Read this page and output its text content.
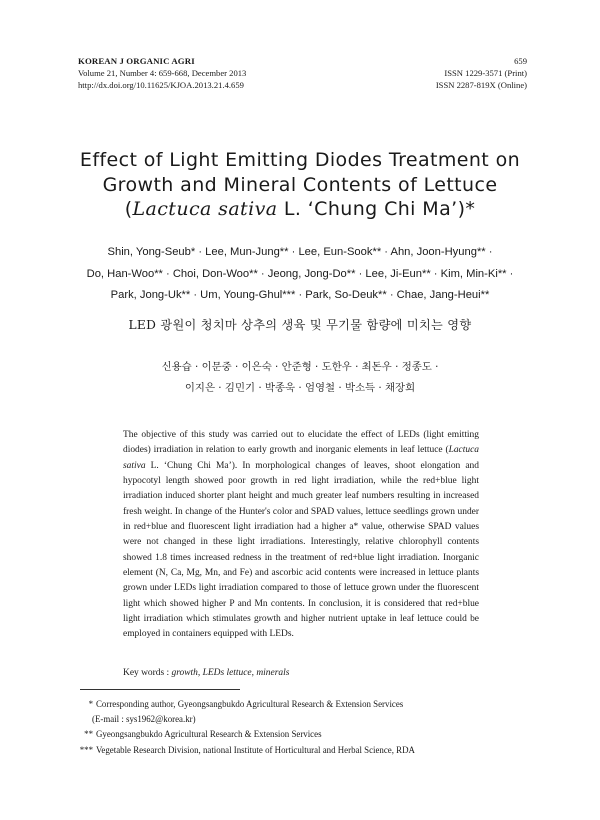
KOREAN J ORGANIC AGRI
Volume 21, Number 4: 659-668, December 2013
http://dx.doi.org/10.11625/KJOA.2013.21.4.659
659
ISSN 1229-3571 (Print)
ISSN 2287-819X (Online)
Effect of Light Emitting Diodes Treatment on
Growth and Mineral Contents of Lettuce
(Lactuca sativa L. ‘Chung Chi Ma’)*
Shin, Yong-Seub* · Lee, Mun-Jung** · Lee, Eun-Sook** · Ahn, Joon-Hyung** ·
Do, Han-Woo** · Choi, Don-Woo** · Jeong, Jong-Do** · Lee, Ji-Eun** · Kim, Min-Ki** ·
Park, Jong-Uk** · Um, Young-Ghul*** · Park, So-Deuk** · Chae, Jang-Heui**
LED 광원이 청치마 상추의 생육 및 무기물 함량에 미치는 영향
신용습 · 이문중 · 이은숙 · 안준형 · 도한우 · 최돈우 · 정종도 ·
이지은 · 김민기 · 박종욱 · 엄영철 · 박소득 · 채장희
The objective of this study was carried out to elucidate the effect of LEDs (light emitting diodes) irradiation in relation to early growth and inorganic elements in leaf lettuce (Lactuca sativa L. ‘Chung Chi Ma’). In morphological changes of leaves, shoot elongation and hypocotyl length showed poor growth in red light irradiation, while the red+blue light irradiation induced shorter plant height and much greater leaf numbers resulting in increased fresh weight. In change of the Hunter's color and SPAD values, lettuce seedlings grown under in red+blue and fluorescent light irradiation had a higher a* value, otherwise SPAD values were not changed in these light irradiations. Interestingly, relative chlorophyll contents showed 1.8 times increased redness in the treatment of red+blue light irradiation. Inorganic element (N, Ca, Mg, Mn, and Fe) and ascorbic acid contents were increased in lettuce plants grown under LEDs light irradiation compared to those of lettuce grown under the fluorescent light which showed higher P and Mn contents. In conclusion, it is considered that red+blue light irradiation which stimulates growth and higher nutrient uptake in leaf lettuce could be employed in containers equipped with LEDs.
Key words : growth, LEDs lettuce, minerals
* Corresponding author, Gyeongsangbukdo Agricultural Research & Extension Services
(E-mail : sys1962@korea.kr)
** Gyeongsangbukdo Agricultural Research & Extension Services
*** Vegetable Research Division, national Institute of Horticultural and Herbal Science, RDA
